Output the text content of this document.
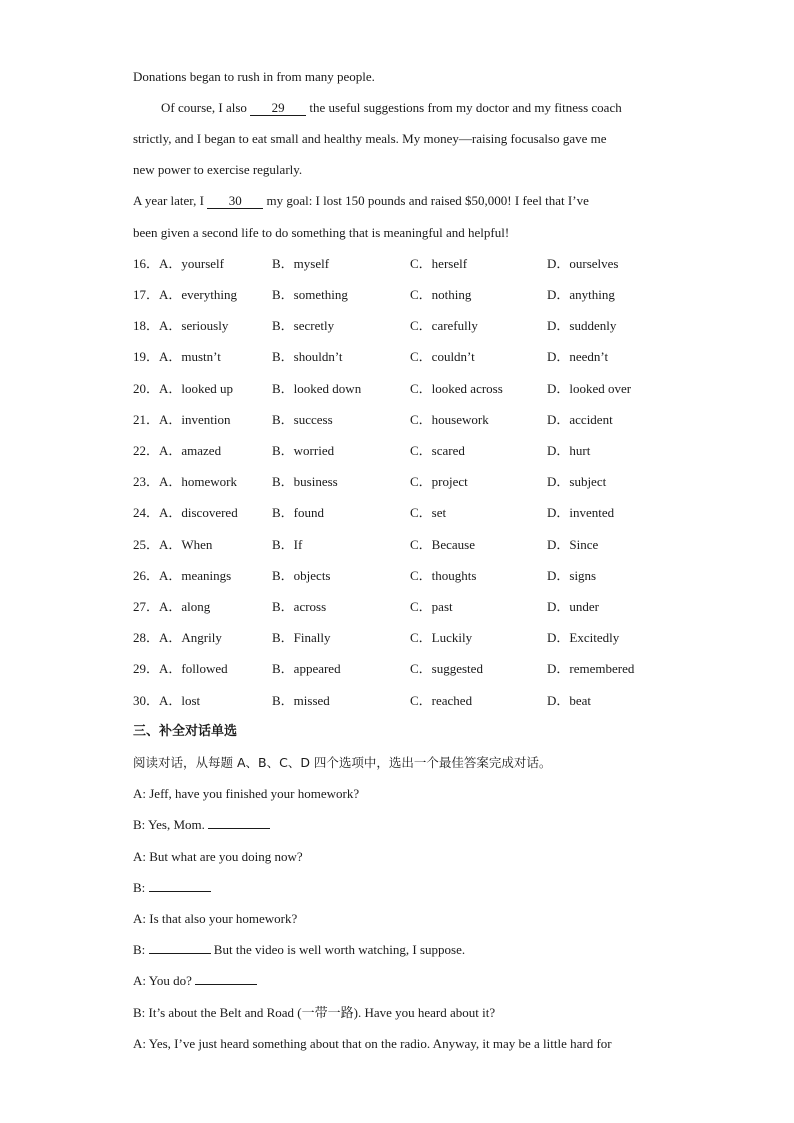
Donations began to rush in from many people.
Of course, I also 29 the useful suggestions from my doctor and my fitness coach
strictly, and I began to eat small and healthy meals. My money—raising focusalso gave me
new power to exercise regularly.
A year later, I 30 my goal: I lost 150 pounds and raised $50,000! I feel that I’ve
been given a second life to do something that is meaningful and helpful!
16． A．yourself	B．myself	C．herself	D．ourselves
17． A．everything	B．something	C．nothing	D．anything
18． A．seriously	B．secretly	C．carefully	D．suddenly
19． A．mustn’t	B．shouldn’t	C．couldn’t	D．needn’t
20． A．looked up	B．looked down	C．looked across	D．looked over
21． A．invention	B．success	C．housework	D．accident
22． A．amazed	B．worried	C．scared	D．hurt
23． A．homework	B．business	C．project	D．subject
24． A．discovered	B．found	C．set	D．invented
25． A．When	B．If	C．Because	D．Since
26． A．meanings	B．objects	C．thoughts	D．signs
27． A．along	B．across	C．past	D．under
28． A．Angrily	B．Finally	C．Luckily	D．Excitedly
29． A．followed	B．appeared	C．suggested	D．remembered
30． A．lost	B．missed	C．reached	D．beat
三、补全对话单选
阅读对话，从每题 A、B、C、D 四个选项中，选出一个最佳答案完成对话。
A: Jeff, have you finished your homework?
B: Yes, Mom.
A: But what are you doing now?
B:
A: Is that also your homework?
B:	But the video is well worth watching, I suppose.
A: You do?
B: It’s about the Belt and Road (一带一路). Have you heard about it?
A: Yes, I’ve just heard something about that on the radio. Anyway, it may be a little hard for
